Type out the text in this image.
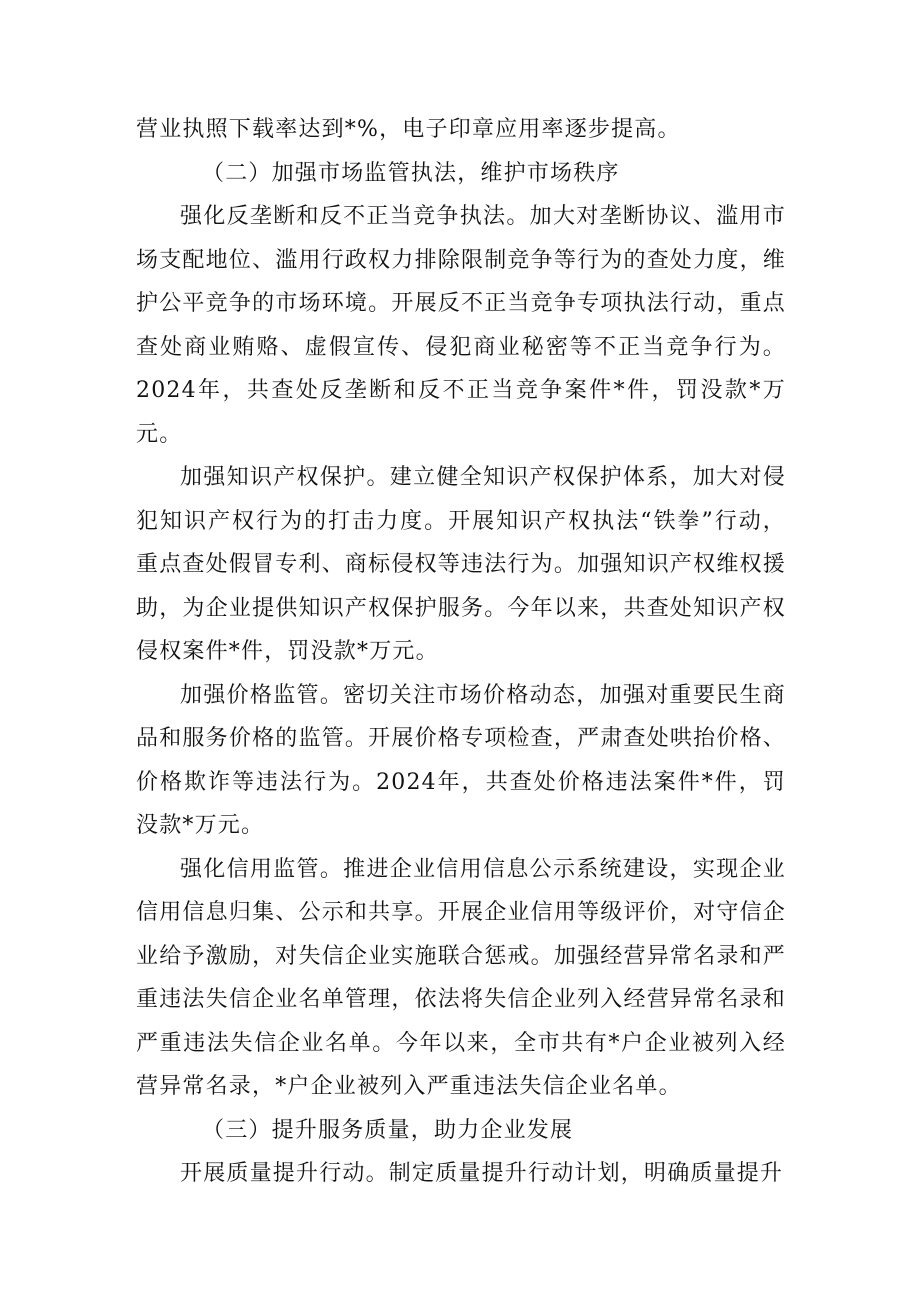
营业执照下载率达到*%，电子印章应用率逐步提高。

（二）加强市场监管执法，维护市场秩序

强化反垄断和反不正当竞争执法。加大对垄断协议、滥用市场支配地位、滥用行政权力排除限制竞争等行为的查处力度，维护公平竞争的市场环境。开展反不正当竞争专项执法行动，重点查处商业贿赂、虚假宣传、侵犯商业秘密等不正当竞争行为。2024年，共查处反垄断和反不正当竞争案件*件，罚没款*万元。

加强知识产权保护。建立健全知识产权保护体系，加大对侵犯知识产权行为的打击力度。开展知识产权执法“铁拳”行动，重点查处假冒专利、商标侵权等违法行为。加强知识产权维权援助，为企业提供知识产权保护服务。今年以来，共查处知识产权侵权案件*件，罚没款*万元。

加强价格监管。密切关注市场价格动态，加强对重要民生商品和服务价格的监管。开展价格专项检查，严肃查处哄抬价格、价格欺诈等违法行为。2024年，共查处价格违法案件*件，罚没款*万元。

强化信用监管。推进企业信用信息公示系统建设，实现企业信用信息归集、公示和共享。开展企业信用等级评价，对守信企业给予激励，对失信企业实施联合惩戒。加强经营异常名录和严重违法失信企业名单管理，依法将失信企业列入经营异常名录和严重违法失信企业名单。今年以来，全市共有*户企业被列入经营异常名录，*户企业被列入严重违法失信企业名单。

（三）提升服务质量，助力企业发展

开展质量提升行动。制定质量提升行动计划，明确质量提升
